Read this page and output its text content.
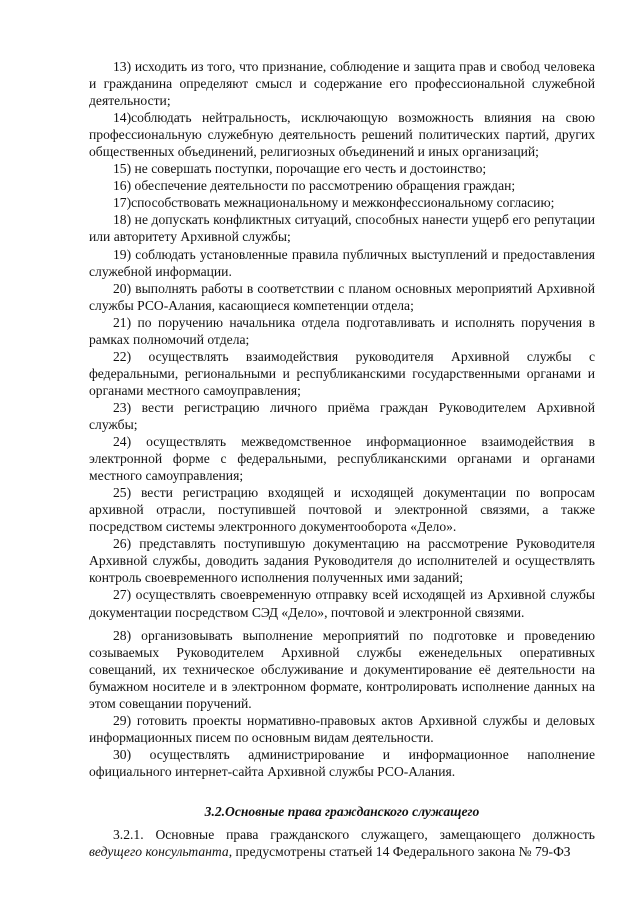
13) исходить из того, что признание, соблюдение и защита прав и свобод человека и гражданина определяют смысл и содержание его профессиональной служебной деятельности;

14)соблюдать нейтральность, исключающую возможность влияния на свою профессиональную служебную деятельность решений политических партий, других общественных объединений, религиозных объединений и иных организаций;

15) не совершать поступки, порочащие его честь и достоинство;

16) обеспечение деятельности по рассмотрению обращения граждан;

17)способствовать межнациональному и межконфессиональному согласию;

18) не допускать конфликтных ситуаций, способных нанести ущерб его репутации или авторитету Архивной службы;

19) соблюдать установленные правила публичных выступлений и предоставления служебной информации.

20) выполнять работы в соответствии с планом основных мероприятий Архивной службы РСО-Алания, касающиеся компетенции отдела;

21) по поручению начальника отдела подготавливать и исполнять поручения в рамках полномочий отдела;

22) осуществлять взаимодействия руководителя Архивной службы с федеральными, региональными и республиканскими государственными органами и органами местного самоуправления;

23) вести регистрацию личного приёма граждан Руководителем Архивной службы;

24) осуществлять межведомственное информационное взаимодействия в электронной форме с федеральными, республиканскими органами и органами местного самоуправления;

25) вести регистрацию входящей и исходящей документации по вопросам архивной отрасли, поступившей почтовой и электронной связями, а также посредством системы электронного документооборота «Дело».

26) представлять поступившую документацию на рассмотрение Руководителя Архивной службы, доводить задания Руководителя до исполнителей и осуществлять контроль своевременного исполнения полученных ими заданий;

27) осуществлять своевременную отправку всей исходящей из Архивной службы документации посредством СЭД «Дело», почтовой и электронной связями.

28) организовывать выполнение мероприятий по подготовке и проведению созываемых Руководителем Архивной службы еженедельных оперативных совещаний, их техническое обслуживание и документирование её деятельности на бумажном носителе и в электронном формате, контролировать исполнение данных на этом совещании поручений.

29) готовить проекты нормативно-правовых актов Архивной службы и деловых информационных писем по основным видам деятельности.

30) осуществлять администрирование и информационное наполнение официального интернет-сайта Архивной службы РСО-Алания.

3.2.Основные права гражданского служащего

3.2.1. Основные права гражданского служащего, замещающего должность ведущего консультанта, предусмотрены статьей 14 Федерального закона № 79-ФЗ
